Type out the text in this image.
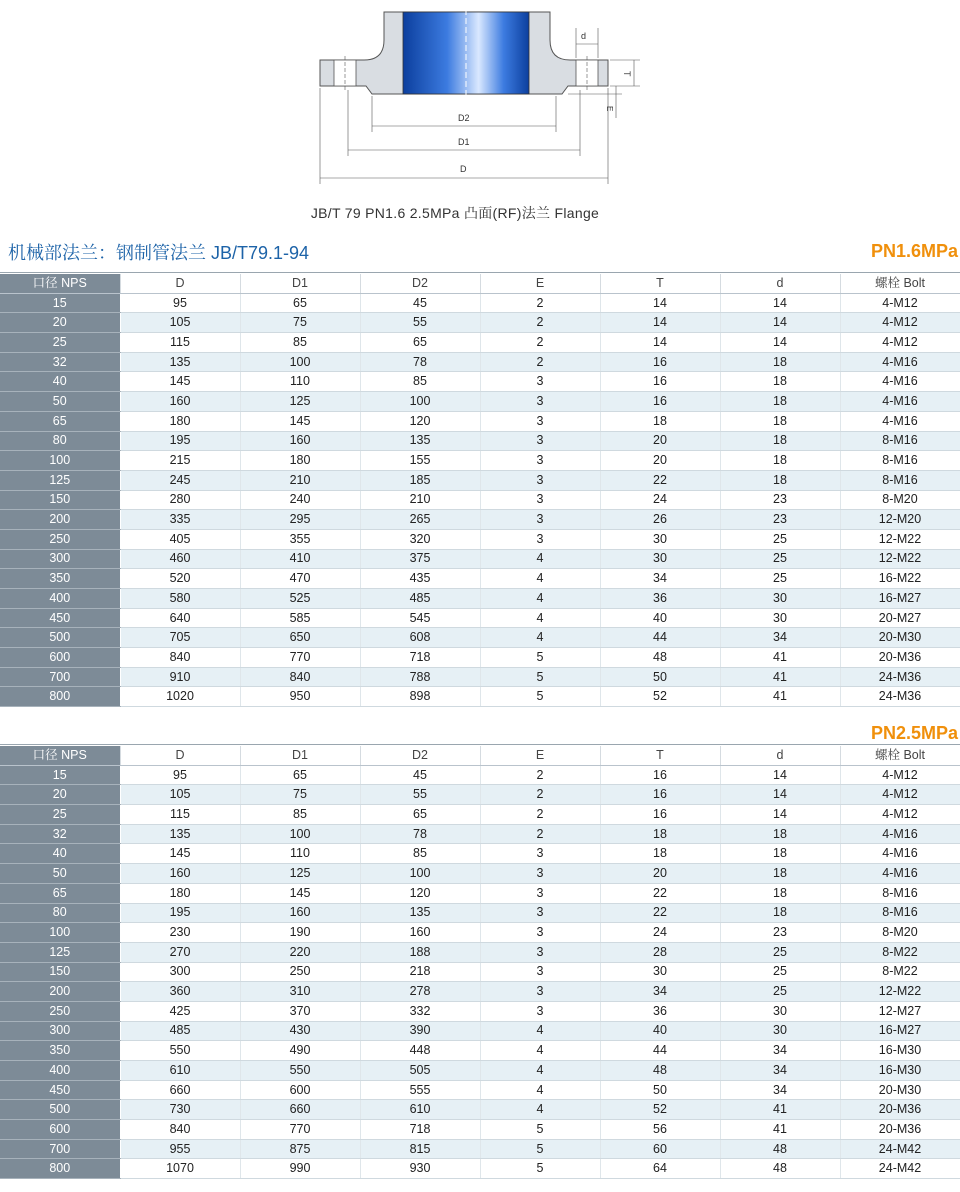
d
T
E
D2
D1
D
JB/T 79 PN1.6 2.5MPa 凸面(RF)法兰 Flange
机械部法兰：钢制管法兰 JB/T79.1-94	PN1.6MPa
口径 NPS	D	D1	D2	E	T	d	螺栓 Bolt
15	95	65	45	2	14	14	4-M12
20	105	75	55	2	14	14	4-M12
25	115	85	65	2	14	14	4-M12
32	135	100	78	2	16	18	4-M16
40	145	110	85	3	16	18	4-M16
50	160	125	100	3	16	18	4-M16
65	180	145	120	3	18	18	4-M16
80	195	160	135	3	20	18	8-M16
100	215	180	155	3	20	18	8-M16
125	245	210	185	3	22	18	8-M16
150	280	240	210	3	24	23	8-M20
200	335	295	265	3	26	23	12-M20
250	405	355	320	3	30	25	12-M22
300	460	410	375	4	30	25	12-M22
350	520	470	435	4	34	25	16-M22
400	580	525	485	4	36	30	16-M27
450	640	585	545	4	40	30	20-M27
500	705	650	608	4	44	34	20-M30
600	840	770	718	5	48	41	20-M36
700	910	840	788	5	50	41	24-M36
800	1020	950	898	5	52	41	24-M36
PN2.5MPa
口径 NPS	D	D1	D2	E	T	d	螺栓 Bolt
15	95	65	45	2	16	14	4-M12
20	105	75	55	2	16	14	4-M12
25	115	85	65	2	16	14	4-M12
32	135	100	78	2	18	18	4-M16
40	145	110	85	3	18	18	4-M16
50	160	125	100	3	20	18	4-M16
65	180	145	120	3	22	18	8-M16
80	195	160	135	3	22	18	8-M16
100	230	190	160	3	24	23	8-M20
125	270	220	188	3	28	25	8-M22
150	300	250	218	3	30	25	8-M22
200	360	310	278	3	34	25	12-M22
250	425	370	332	3	36	30	12-M27
300	485	430	390	4	40	30	16-M27
350	550	490	448	4	44	34	16-M30
400	610	550	505	4	48	34	16-M30
450	660	600	555	4	50	34	20-M30
500	730	660	610	4	52	41	20-M36
600	840	770	718	5	56	41	20-M36
700	955	875	815	5	60	48	24-M42
800	1070	990	930	5	64	48	24-M42
